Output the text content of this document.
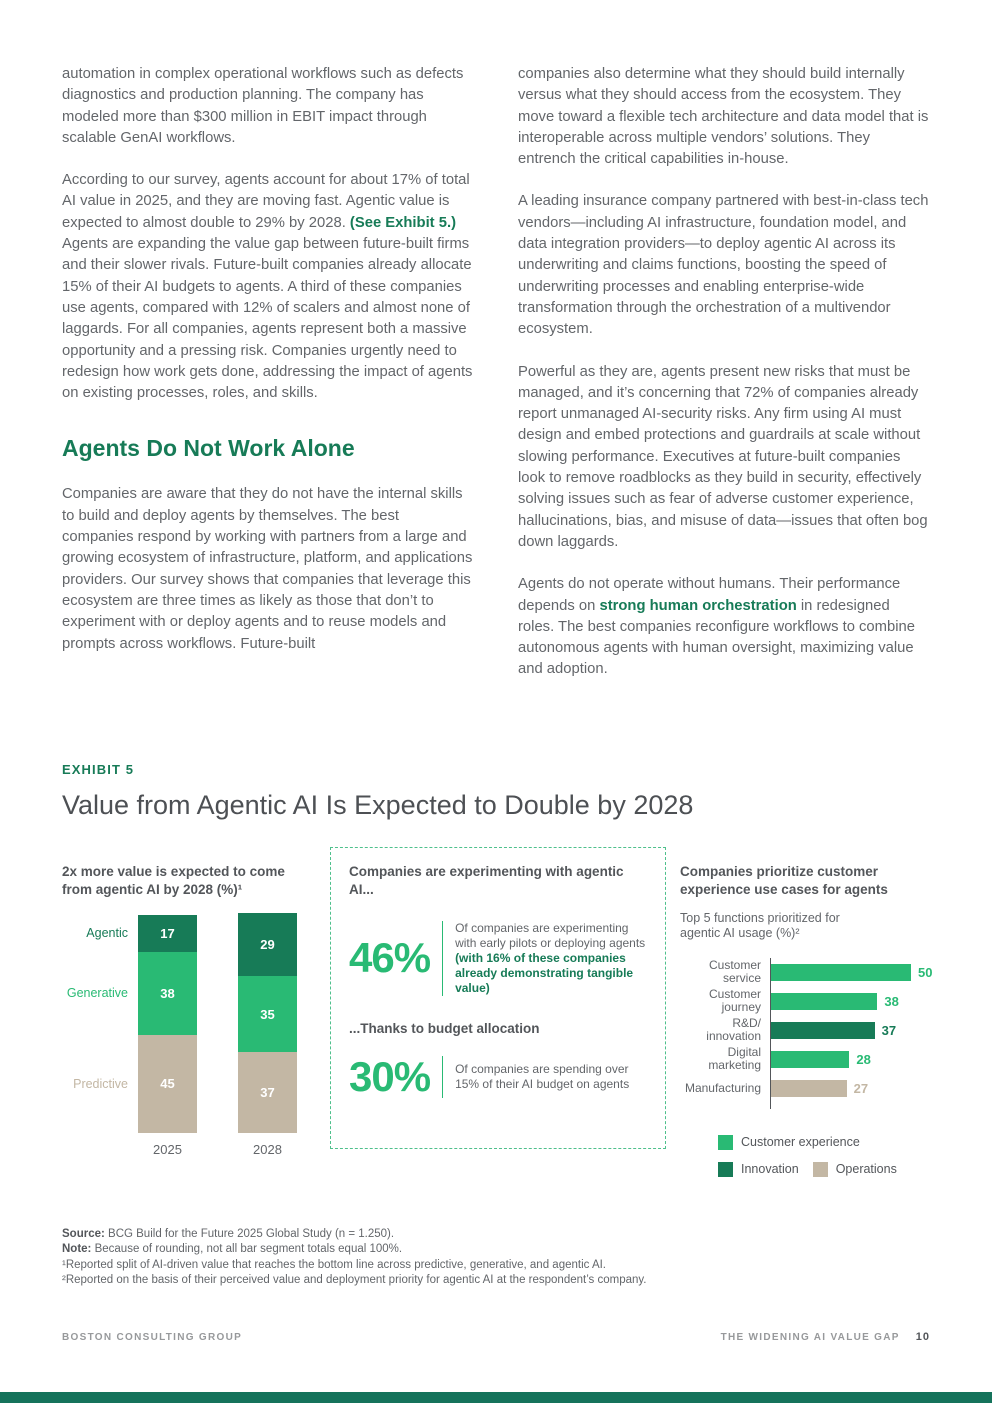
automation in complex operational workflows such as defects diagnostics and production planning. The company has modeled more than $300 million in EBIT impact through scalable GenAI workflows.

According to our survey, agents account for about 17% of total AI value in 2025, and they are moving fast. Agentic value is expected to almost double to 29% by 2028. (See Exhibit 5.) Agents are expanding the value gap between future-built firms and their slower rivals. Future-built companies already allocate 15% of their AI budgets to agents. A third of these companies use agents, compared with 12% of scalers and almost none of laggards. For all companies, agents represent both a massive opportunity and a pressing risk. Companies urgently need to redesign how work gets done, addressing the impact of agents on existing processes, roles, and skills.

Agents Do Not Work Alone

Companies are aware that they do not have the internal skills to build and deploy agents by themselves. The best companies respond by working with partners from a large and growing ecosystem of infrastructure, platform, and applications providers. Our survey shows that companies that leverage this ecosystem are three times as likely as those that don’t to experiment with or deploy agents and to reuse models and prompts across workflows. Future-built

companies also determine what they should build internally versus what they should access from the ecosystem. They move toward a flexible tech architecture and data model that is interoperable across multiple vendors’ solutions. They entrench the critical capabilities in-house.

A leading insurance company partnered with best-in-class tech vendors—including AI infrastructure, foundation model, and data integration providers—to deploy agentic AI across its underwriting and claims functions, boosting the speed of underwriting processes and enabling enterprise-wide transformation through the orchestration of a multivendor ecosystem.

Powerful as they are, agents present new risks that must be managed, and it’s concerning that 72% of companies already report unmanaged AI-security risks. Any firm using AI must design and embed protections and guardrails at scale without slowing performance. Executives at future-built companies look to remove roadblocks as they build in security, effectively solving issues such as fear of adverse customer experience, hallucinations, bias, and misuse of data—issues that often bog down laggards.

Agents do not operate without humans. Their performance depends on strong human orchestration in redesigned roles. The best companies reconfigure workflows to combine autonomous agents with human oversight, maximizing value and adoption.

EXHIBIT 5
Value from Agentic AI Is Expected to Double by 2028
2x more value is expected to come from agentic AI by 2028 (%)¹
Agentic
Generative
Predictive
17
38
45
2025
29
35
37
2028
Companies are experimenting with agentic AI...
46%
Of companies are experimenting with early pilots or deploying agents (with 16% of these companies already demonstrating tangible value)
...Thanks to budget allocation
30% Of companies are spending over 15% of their AI budget on agents
Companies prioritize customer experience use cases for agents
Top 5 functions prioritized for agentic AI usage (%)²
Customer service
Customer journey
R&D/ innovation
Digital marketing
Manufacturing
50
38
37
28
27
Customer experience
Innovation	Operations
Source: BCG Build for the Future 2025 Global Study (n = 1.250).
Note: Because of rounding, not all bar segment totals equal 100%.
¹Reported split of AI-driven value that reaches the bottom line across predictive, generative, and agentic AI.
²Reported on the basis of their perceived value and deployment priority for agentic AI at the respondent’s company.
BOSTON CONSULTING GROUP	THE WIDENING AI VALUE GAP 10
